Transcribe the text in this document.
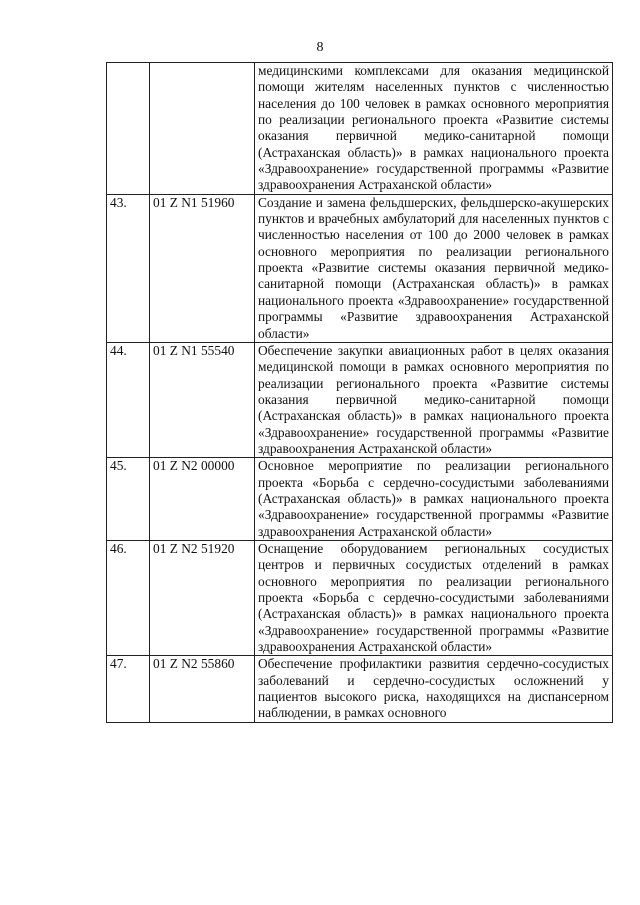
8
		медицинскими комплексами для оказания медицинской помощи жителям населенных пунктов с численностью населения до 100 человек в рамках основного мероприятия по реализации регионального проекта «Развитие системы оказания первичной медико-санитарной помощи (Астраханская область)» в рамках национального проекта «Здравоохранение» государственной программы «Развитие здравоохранения Астраханской области»
43.	01 Z N1 51960	Создание и замена фельдшерских, фельдшерско-акушерских пунктов и врачебных амбулаторий для населенных пунктов с численностью населения от 100 до 2000 человек в рамках основного мероприятия по реализации регионального проекта «Развитие системы оказания первичной медико-санитарной помощи (Астраханская область)» в рамках национального проекта «Здравоохранение» государственной программы «Развитие здравоохранения Астраханской области»
44.	01 Z N1 55540	Обеспечение закупки авиационных работ в целях оказания медицинской помощи в рамках основного мероприятия по реализации регионального проекта «Развитие системы оказания первичной медико-санитарной помощи (Астраханская область)» в рамках национального проекта «Здравоохранение» государственной программы «Развитие здравоохранения Астраханской области»
45.	01 Z N2 00000	Основное мероприятие по реализации регионального проекта «Борьба с сердечно-сосудистыми заболеваниями (Астраханская область)» в рамках национального проекта «Здравоохранение» государственной программы «Развитие здравоохранения Астраханской области»
46.	01 Z N2 51920	Оснащение оборудованием региональных сосудистых центров и первичных сосудистых отделений в рамках основного мероприятия по реализации регионального проекта «Борьба с сердечно-сосудистыми заболеваниями (Астраханская область)» в рамках национального проекта «Здравоохранение» государственной программы «Развитие здравоохранения Астраханской области»
47.	01 Z N2 55860	Обеспечение профилактики развития сердечно-сосудистых заболеваний и сердечно-сосудистых осложнений у пациентов высокого риска, находящихся на диспансерном наблюдении, в рамках основного
